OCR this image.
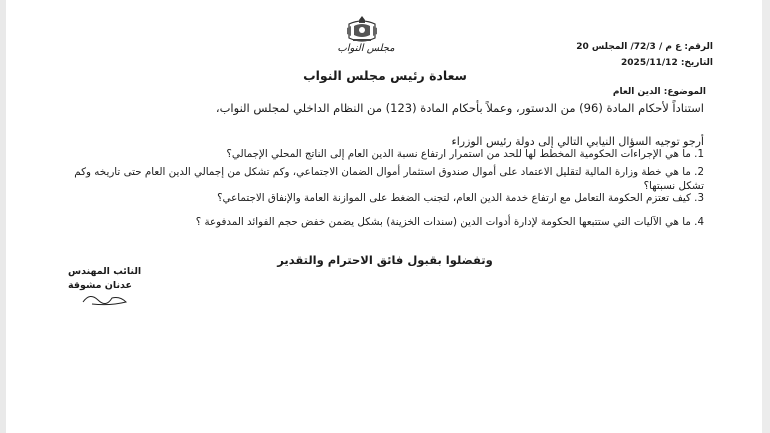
مجلس النواب	الرقم: ع م / 72/3/ المجلس 20
التاريخ: 2025/11/12
سعادة رئيس مجلس النواب
الموضوع: الدين العام
استناداً لأحكام المادة (96) من الدستور، وعملاً بأحكام المادة (123) من النظام الداخلي لمجلس النواب،
أرجو توجيه السؤال النيابي التالي إلى دولة رئيس الوزراء
1. ما هي الإجراءات الحكومية المخطط لها للحد من استمرار ارتفاع نسبة الدين العام إلى الناتج المحلي الإجمالي؟
2. ما هي خطة وزارة المالية لتقليل الاعتماد على أموال صندوق استثمار أموال الضمان الاجتماعي، وكم تشكل من إجمالي الدين العام حتى تاريخه وكم تشكل نسبتها؟
3. كيف تعتزم الحكومة التعامل مع ارتفاع خدمة الدين العام، لتجنب الضغط على الموازنة العامة والإنفاق الاجتماعي؟
4. ما هي الآليات التي ستتبعها الحكومة لإدارة أدوات الدين (سندات الخزينة) بشكل يضمن خفض حجم الفوائد المدفوعة ؟
وتفضلوا بقبول فائق الاحترام والتقدير
النائب المهندس
عدنان مشوقة
